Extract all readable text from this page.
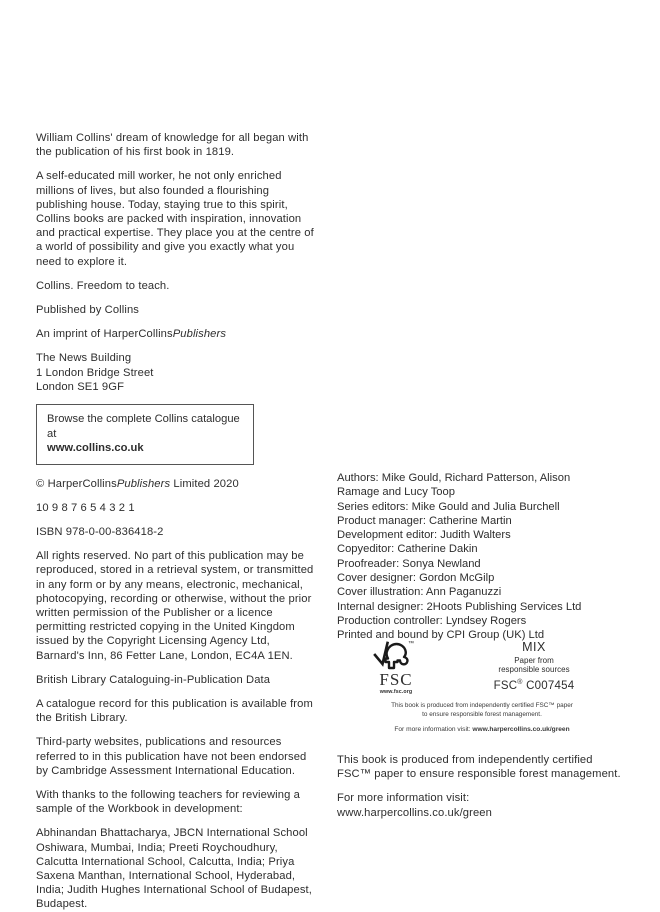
William Collins' dream of knowledge for all began with the publication of his first book in 1819.

A self-educated mill worker, he not only enriched millions of lives, but also founded a flourishing publishing house. Today, staying true to this spirit, Collins books are packed with inspiration, innovation and practical expertise. They place you at the centre of a world of possibility and give you exactly what you need to explore it.

Collins. Freedom to teach.

Published by Collins

An imprint of HarperCollinsPublishers

The News Building
1 London Bridge Street
London SE1 9GF

Browse the complete Collins catalogue at
www.collins.co.uk

© HarperCollinsPublishers Limited 2020

10 9 8 7 6 5 4 3 2 1

ISBN 978-0-00-836418-2

All rights reserved. No part of this publication may be reproduced, stored in a retrieval system, or transmitted in any form or by any means, electronic, mechanical, photocopying, recording or otherwise, without the prior written permission of the Publisher or a licence permitting restricted copying in the United Kingdom issued by the Copyright Licensing Agency Ltd, Barnard's Inn, 86 Fetter Lane, London, EC4A 1EN.

British Library Cataloguing-in-Publication Data

A catalogue record for this publication is available from the British Library.

Third-party websites, publications and resources referred to in this publication have not been endorsed by Cambridge Assessment International Education.

With thanks to the following teachers for reviewing a sample of the Workbook in development:

Abhinandan Bhattacharya, JBCN International School Oshiwara, Mumbai, India; Preeti Roychoudhury, Calcutta International School, Calcutta, India; Priya Saxena Manthan, International School, Hyderabad, India; Judith Hughes International School of Budapest, Budapest.

Authors: Mike Gould, Richard Patterson, Alison
Ramage and Lucy Toop
Series editors: Mike Gould and Julia Burchell
Product manager: Catherine Martin
Development editor: Judith Walters
Copyeditor: Catherine Dakin
Proofreader: Sonya Newland
Cover designer: Gordon McGilp
Cover illustration: Ann Paganuzzi
Internal designer: 2Hoots Publishing Services Ltd
Production controller: Lyndsey Rogers
Printed and bound by CPI Group (UK) Ltd
™
FSC
www.fsc.org
MIX
Paper from
responsible sources
FSC® C007454
This book is produced from independently certified FSC™ paper
to ensure responsible forest management.
For more information visit: www.harpercollins.co.uk/green

This book is produced from independently certified FSC™ paper to ensure responsible forest management.

For more information visit:
www.harpercollins.co.uk/green
